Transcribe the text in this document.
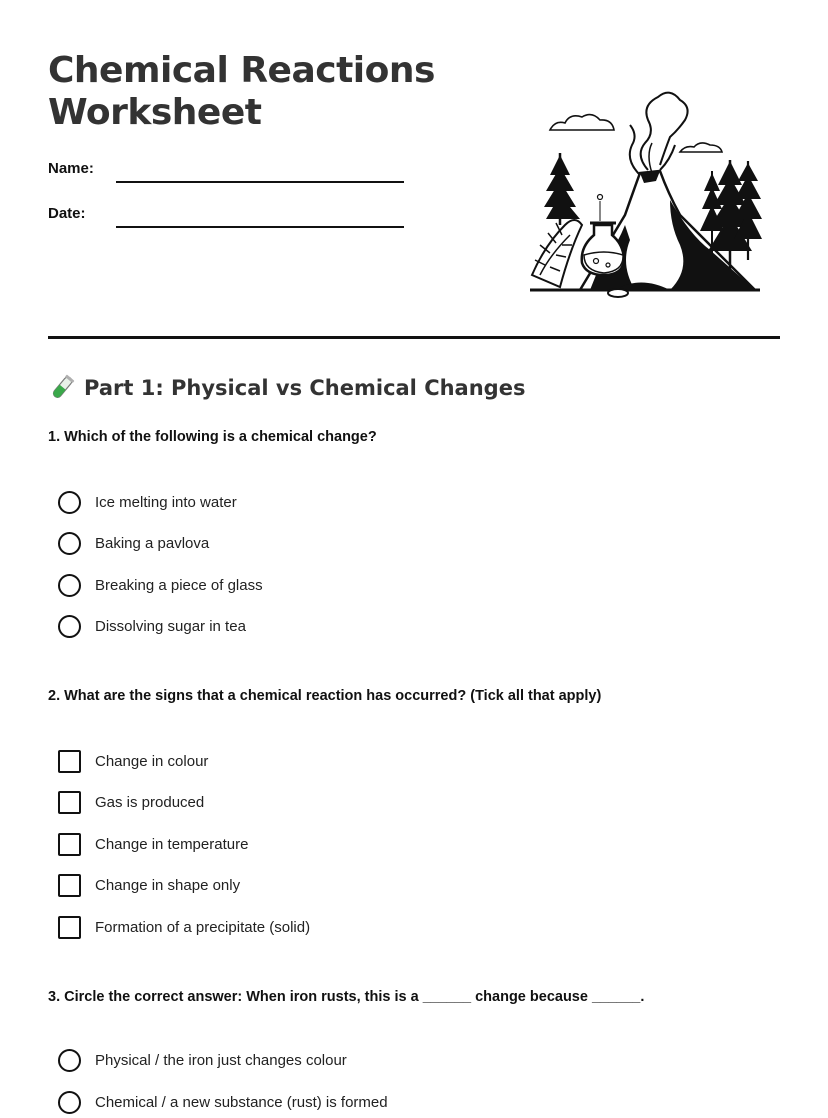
Chemical Reactions
Worksheet
Name:
Date:
Part 1: Physical vs Chemical Changes
1. Which of the following is a chemical change?
Ice melting into water
Baking a pavlova
Breaking a piece of glass
Dissolving sugar in tea
2. What are the signs that a chemical reaction has occurred? (Tick all that apply)
Change in colour
Gas is produced
Change in temperature
Change in shape only
Formation of a precipitate (solid)
3. Circle the correct answer: When iron rusts, this is a ______ change because ______.
Physical / the iron just changes colour
Chemical / a new substance (rust) is formed
